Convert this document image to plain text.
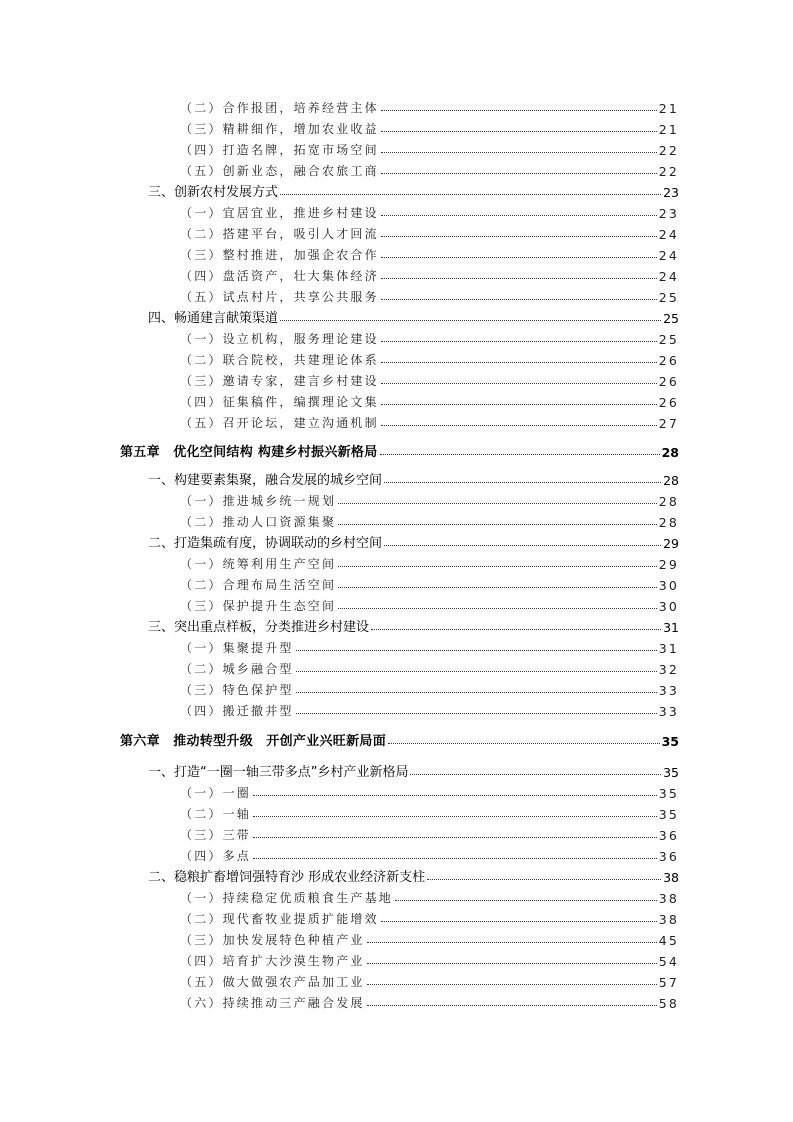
（二）合作报团，培养经营主体	21
（三）精耕细作，增加农业收益	21
（四）打造名牌，拓宽市场空间	22
（五）创新业态，融合农旅工商	22
三、创新农村发展方式	23
（一）宜居宜业，推进乡村建设	23
（二）搭建平台，吸引人才回流	24
（三）整村推进，加强企农合作	24
（四）盘活资产，壮大集体经济	24
（五）试点村片，共享公共服务	25
四、畅通建言献策渠道	25
（一）设立机构，服务理论建设	25
（二）联合院校，共建理论体系	26
（三）邀请专家，建言乡村建设	26
（四）征集稿件，编撰理论文集	26
（五）召开论坛，建立沟通机制	27
第五章　优化空间结构 构建乡村振兴新格局	28
一、构建要素集聚，融合发展的城乡空间	28
（一）推进城乡统一规划	28
（二）推动人口资源集聚	28
二、打造集疏有度，协调联动的乡村空间	29
（一）统筹利用生产空间	29
（二）合理布局生活空间	30
（三）保护提升生态空间	30
三、突出重点样板，分类推进乡村建设	31
（一）集聚提升型	31
（二）城乡融合型	32
（三）特色保护型	33
（四）搬迁撤并型	33
第六章　推动转型升级　开创产业兴旺新局面	35
一、打造“一圈一轴三带多点”乡村产业新格局	35
（一）一圈	35
（二）一轴	35
（三）三带	36
（四）多点	36
二、稳粮扩畜增饲强特育沙 形成农业经济新支柱	38
（一）持续稳定优质粮食生产基地	38
（二）现代畜牧业提质扩能增效	38
（三）加快发展特色种植产业	45
（四）培育扩大沙漠生物产业	54
（五）做大做强农产品加工业	57
（六）持续推动三产融合发展	58
